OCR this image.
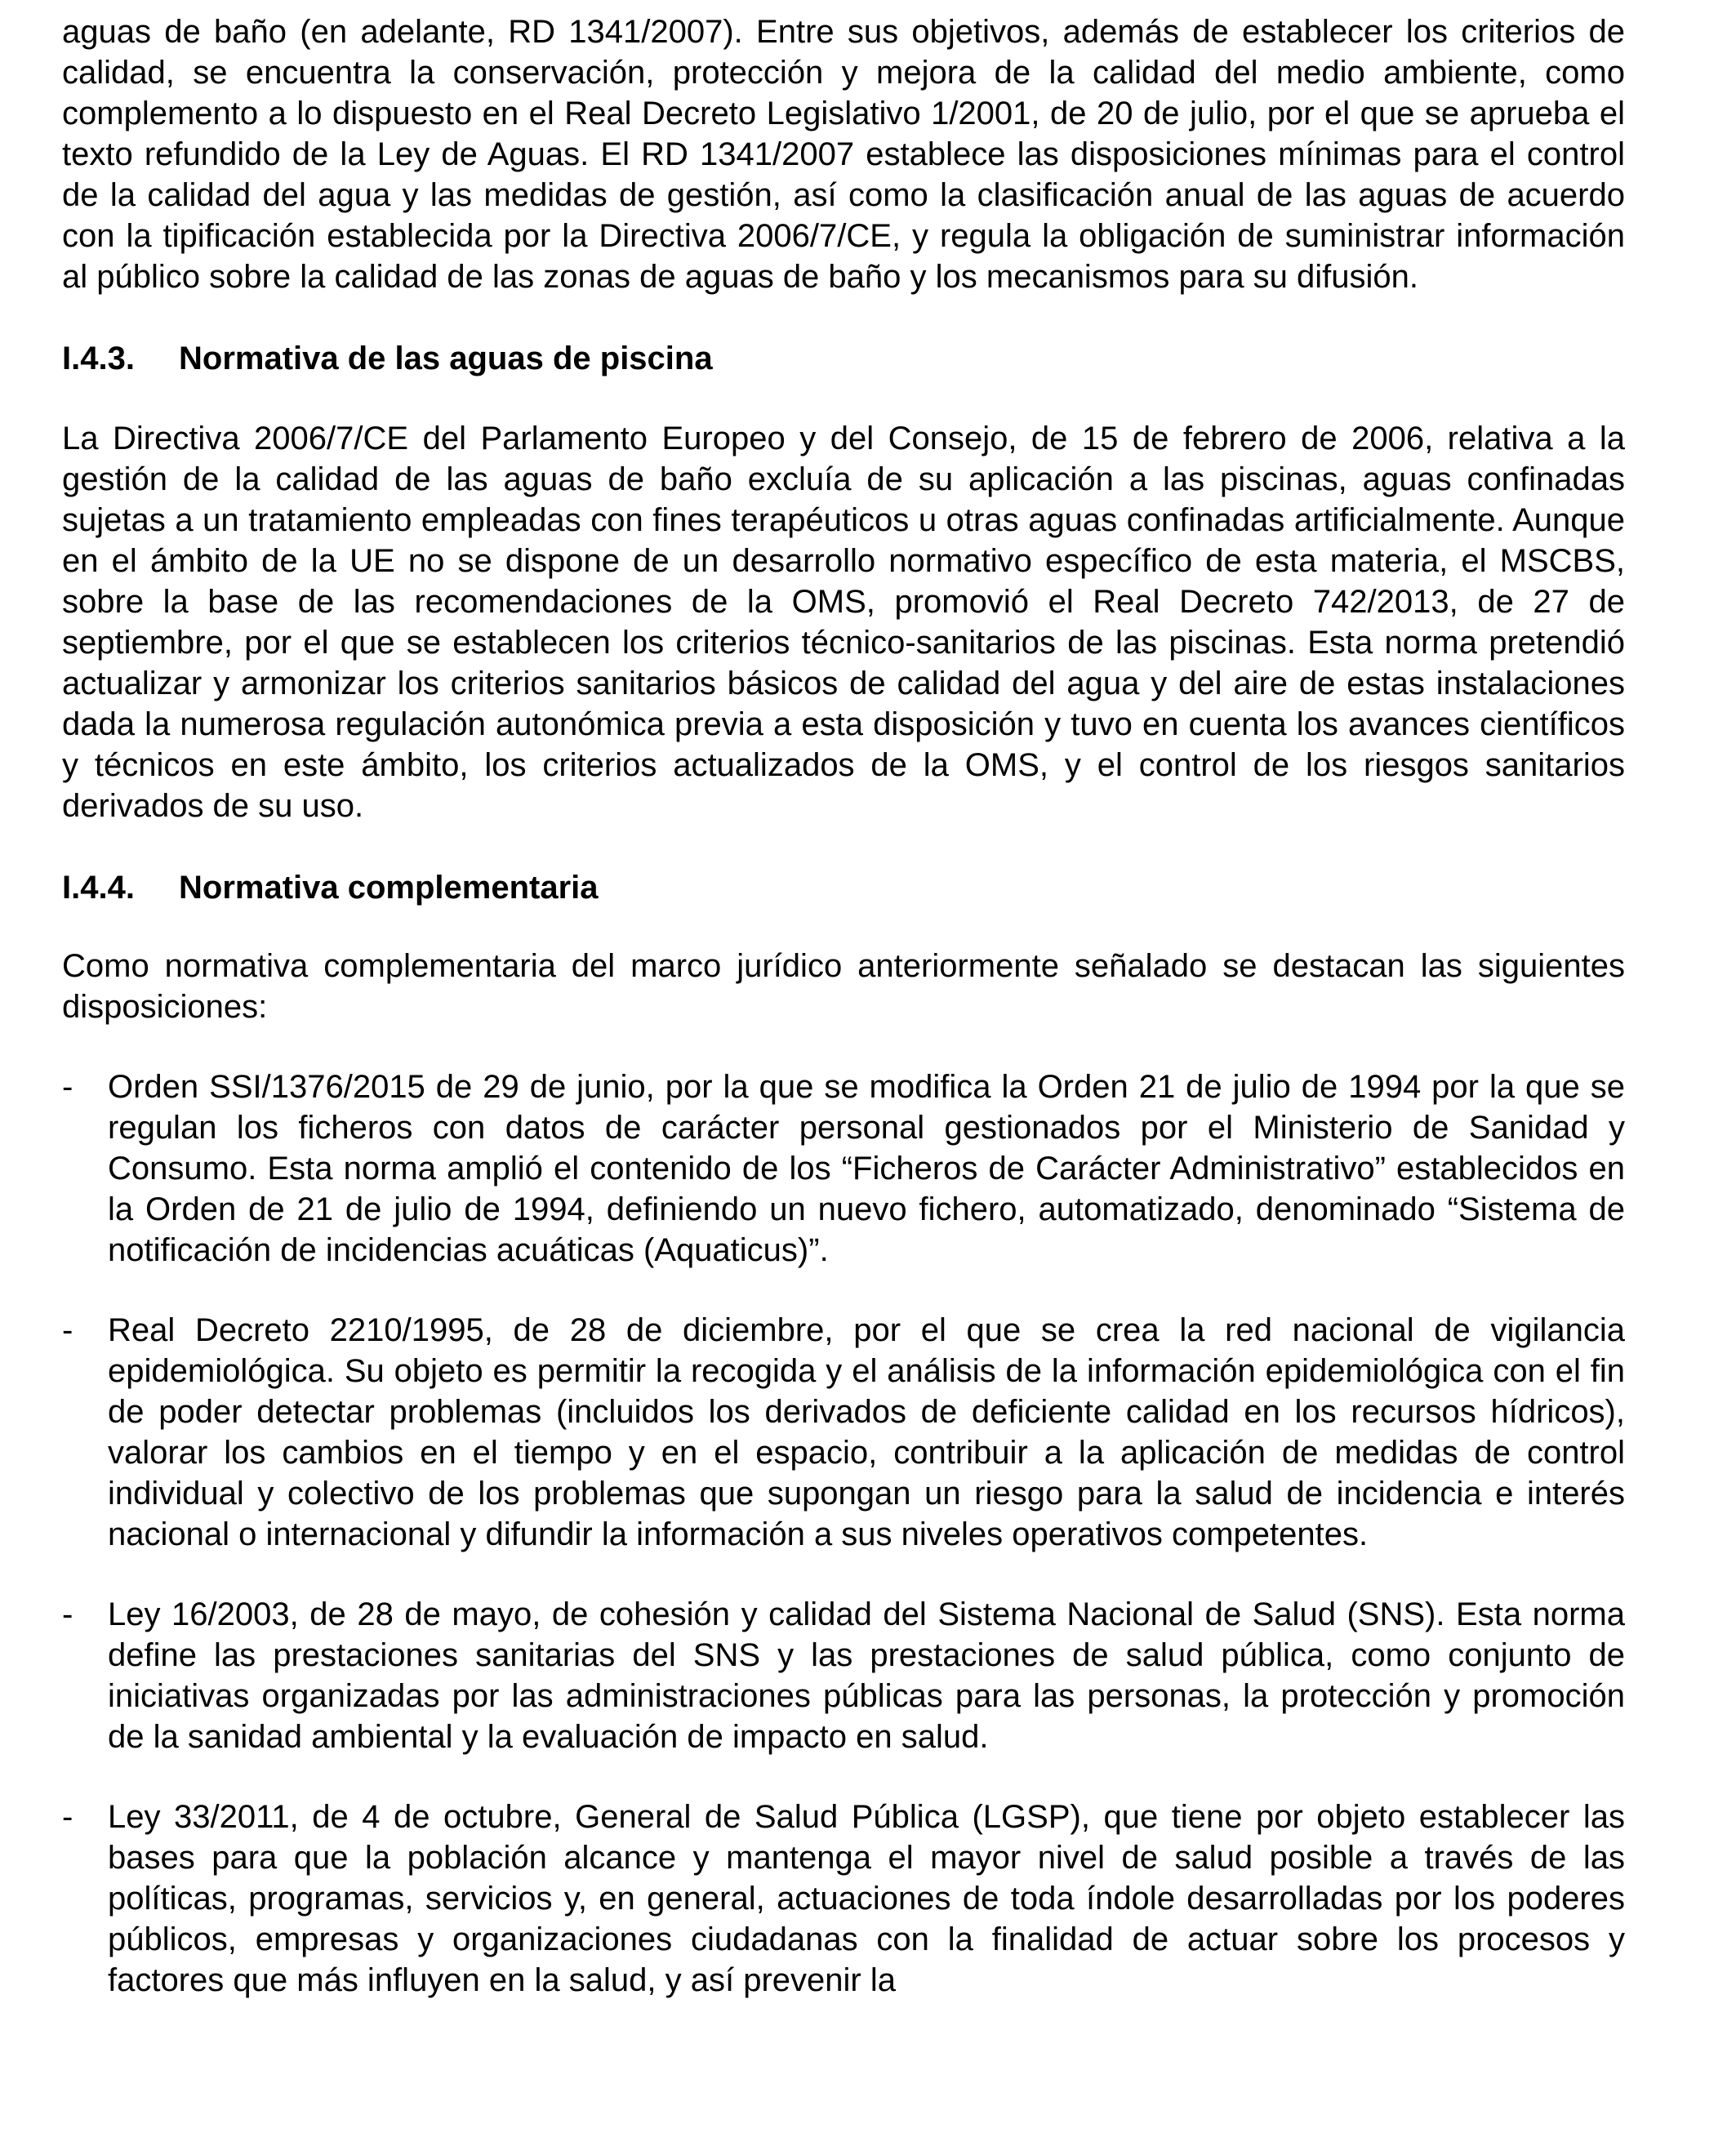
aguas de baño (en adelante, RD 1341/2007). Entre sus objetivos, además de establecer los criterios de calidad, se encuentra la conservación, protección y mejora de la calidad del medio ambiente, como complemento a lo dispuesto en el Real Decreto Legislativo 1/2001, de 20 de julio, por el que se aprueba el texto refundido de la Ley de Aguas. El RD 1341/2007 establece las disposiciones mínimas para el control de la calidad del agua y las medidas de gestión, así como la clasificación anual de las aguas de acuerdo con la tipificación establecida por la Directiva 2006/7/CE, y regula la obligación de suministrar información al público sobre la calidad de las zonas de aguas de baño y los mecanismos para su difusión.

I.4.3.	Normativa de las aguas de piscina

La Directiva 2006/7/CE del Parlamento Europeo y del Consejo, de 15 de febrero de 2006, relativa a la gestión de la calidad de las aguas de baño excluía de su aplicación a las piscinas, aguas confinadas sujetas a un tratamiento empleadas con fines terapéuticos u otras aguas confinadas artificialmente. Aunque en el ámbito de la UE no se dispone de un desarrollo normativo específico de esta materia, el MSCBS, sobre la base de las recomendaciones de la OMS, promovió el Real Decreto 742/2013, de 27 de septiembre, por el que se establecen los criterios técnico-sanitarios de las piscinas. Esta norma pretendió actualizar y armonizar los criterios sanitarios básicos de calidad del agua y del aire de estas instalaciones dada la numerosa regulación autonómica previa a esta disposición y tuvo en cuenta los avances científicos y técnicos en este ámbito, los criterios actualizados de la OMS, y el control de los riesgos sanitarios derivados de su uso.

I.4.4.	Normativa complementaria

Como normativa complementaria del marco jurídico anteriormente señalado se destacan las siguientes disposiciones:

-	Orden SSI/1376/2015 de 29 de junio, por la que se modifica la Orden 21 de julio de 1994 por la que se regulan los ficheros con datos de carácter personal gestionados por el Ministerio de Sanidad y Consumo. Esta norma amplió el contenido de los “Ficheros de Carácter Administrativo” establecidos en la Orden de 21 de julio de 1994, definiendo un nuevo fichero, automatizado, denominado “Sistema de notificación de incidencias acuáticas (Aquaticus)”.
-	Real Decreto 2210/1995, de 28 de diciembre, por el que se crea la red nacional de vigilancia epidemiológica. Su objeto es permitir la recogida y el análisis de la información epidemiológica con el fin de poder detectar problemas (incluidos los derivados de deficiente calidad en los recursos hídricos), valorar los cambios en el tiempo y en el espacio, contribuir a la aplicación de medidas de control individual y colectivo de los problemas que supongan un riesgo para la salud de incidencia e interés nacional o internacional y difundir la información a sus niveles operativos competentes.
-	Ley 16/2003, de 28 de mayo, de cohesión y calidad del Sistema Nacional de Salud (SNS). Esta norma define las prestaciones sanitarias del SNS y las prestaciones de salud pública, como conjunto de iniciativas organizadas por las administraciones públicas para las personas, la protección y promoción de la sanidad ambiental y la evaluación de impacto en salud.
-	Ley 33/2011, de 4 de octubre, General de Salud Pública (LGSP), que tiene por objeto establecer las bases para que la población alcance y mantenga el mayor nivel de salud posible a través de las políticas, programas, servicios y, en general, actuaciones de toda índole desarrolladas por los poderes públicos, empresas y organizaciones ciudadanas con la finalidad de actuar sobre los procesos y factores que más influyen en la salud, y así prevenir la
